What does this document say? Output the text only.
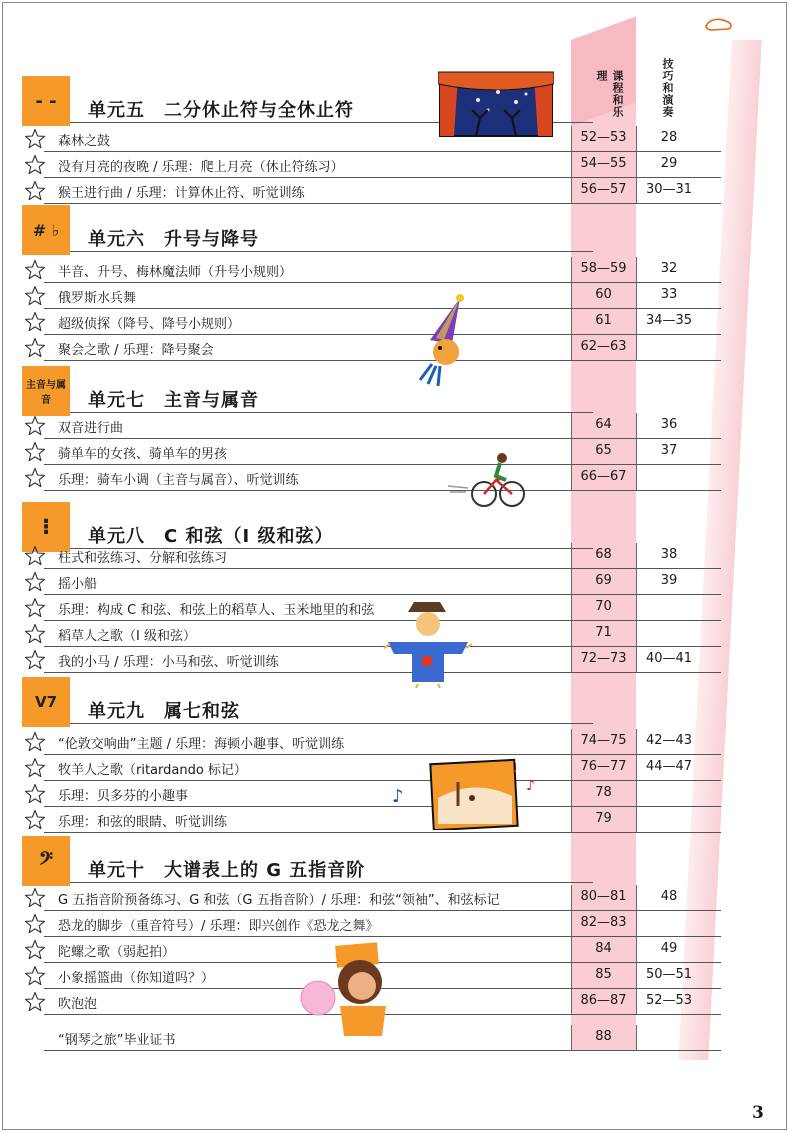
课程和乐理	技巧和演奏
- -	单元五　二分休止符与全休止符
森林之鼓	52—53	28
没有月亮的夜晚 / 乐理：爬上月亮（休止符练习）	54—55	29
猴王进行曲 / 乐理：计算休止符、听觉训练	56—57	30—31
# ♭	单元六　升号与降号
半音、升号、梅林魔法师（升号小规则）	58—59	32
俄罗斯水兵舞	60	33
超级侦探（降号、降号小规则）	61	34—35
聚会之歌 / 乐理：降号聚会	62—63
主音与属音	单元七　主音与属音
双音进行曲	64	36
骑单车的女孩、骑单车的男孩	65	37
乐理：骑车小调（主音与属音）、听觉训练	66—67
⁝	单元八　C 和弦（I 级和弦）
柱式和弦练习、分解和弦练习	68	38
摇小船	69	39
乐理：构成 C 和弦、和弦上的稻草人、玉米地里的和弦	70
稻草人之歌（I 级和弦）	71
我的小马 / 乐理：小马和弦、听觉训练	72—73	40—41
V7	单元九　属七和弦
“伦敦交响曲”主题 / 乐理：海顿小趣事、听觉训练	74—75	42—43
牧羊人之歌（ritardando 标记）	76—77	44—47
乐理：贝多芬的小趣事	78
乐理：和弦的眼睛、听觉训练	79
𝄢	单元十　大谱表上的 G 五指音阶
G 五指音阶预备练习、G 和弦（G 五指音阶）/ 乐理：和弦“领袖”、和弦标记	80—81	48
恐龙的脚步（重音符号）/ 乐理：即兴创作《恐龙之舞》	82—83
陀螺之歌（弱起拍）	84	49
小象摇篮曲（你知道吗？）	85	50—51
吹泡泡	86—87	52—53
“钢琴之旅”毕业证书	88
♪	♪
♩
3
